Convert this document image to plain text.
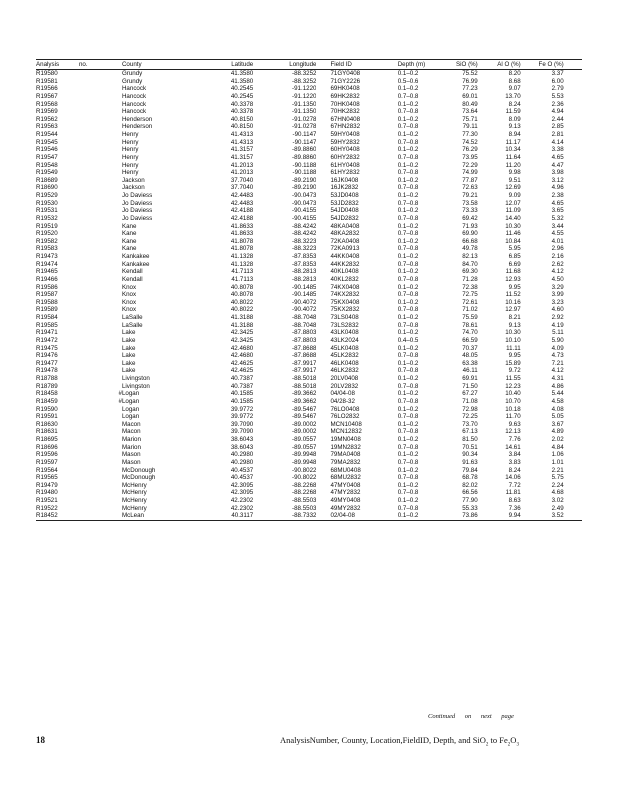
Analysis	no.	County	Latitude	Longitude	Field ID	Depth (m)	SiO (%)	Al O (%)	Fe O (%)	
R19580		Grundy	41.3580	-88.3252	71GY0408	0.1–0.2	75.52	8.20	3.37	
R19581		Grundy	41.3580	-88.3252	71GY2226	0.5–0.6	76.99	8.68	6.00	
R19566		Hancock	40.2545	-91.1220	69HK0408	0.1–0.2	77.23	9.07	2.79	
R19567		Hancock	40.2545	-91.1220	69HK2832	0.7–0.8	69.01	13.70	5.53	
R19568		Hancock	40.3378	-91.1350	70HK0408	0.1–0.2	80.49	8.24	2.36	
R19569		Hancock	40.3378	-91.1350	70HK2832	0.7–0.8	73.64	11.59	4.94	
R19562		Henderson	40.8150	-91.0278	67HN0408	0.1–0.2	75.71	8.09	2.44	
R19563		Henderson	40.8150	-91.0278	67HN2832	0.7–0.8	79.11	9.13	2.85	
R19544		Henry	41.4313	-90.1147	59HY0408	0.1–0.2	77.30	8.94	2.81	
R19545		Henry	41.4313	-90.1147	59HY2832	0.7–0.8	74.52	11.17	4.14	
R19546		Henry	41.3157	-89.8860	60HY0408	0.1–0.2	76.29	10.34	3.38	
R19547		Henry	41.3157	-89.8860	60HY2832	0.7–0.8	73.95	11.64	4.65	
R19548		Henry	41.2013	-90.1188	61HY0408	0.1–0.2	72.29	11.20	4.47	
R19549		Henry	41.2013	-90.1188	61HY2832	0.7–0.8	74.99	9.98	3.98	
R18689		Jackson	37.7040	-89.2190	16JK0408	0.1–0.2	77.87	9.51	3.12	
R18690		Jackson	37.7040	-89.2190	16JK2832	0.7–0.8	72.63	12.69	4.96	
R19529		Jo Daviess	42.4483	-90.0473	53JD0408	0.1–0.2	79.21	9.09	2.38	
R19530		Jo Daviess	42.4483	-90.0473	53JD2832	0.7–0.8	73.58	12.07	4.65	
R19531		Jo Daviess	42.4188	-90.4155	54JD0408	0.1–0.2	73.33	11.09	3.65	
R19532		Jo Daviess	42.4188	-90.4155	54JD2832	0.7–0.8	69.42	14.40	5.32	
R19519		Kane	41.8633	-88.4242	48KA0408	0.1–0.2	71.93	10.30	3.44	
R19520		Kane	41.8633	-88.4242	48KA2832	0.7–0.8	69.90	11.46	4.55	
R19582		Kane	41.8078	-88.3223	72KA0408	0.1–0.2	66.68	10.84	4.01	
R19583		Kane	41.8078	-88.3223	72KA0913	0.7–0.8	49.78	5.95	2.96	
R19473		Kankakee	41.1328	-87.8353	44KK0408	0.1–0.2	82.13	6.85	2.16	
R19474		Kankakee	41.1328	-87.8353	44KK2832	0.7–0.8	84.70	6.69	2.62	
R19465		Kendall	41.7113	-88.2813	40KL0408	0.1–0.2	69.30	11.68	4.12	
R19466		Kendall	41.7113	-88.2813	40KL2832	0.7–0.8	71.28	12.93	4.50	
R19586		Knox	40.8078	-90.1485	74KX0408	0.1–0.2	72.38	9.95	3.29	
R19587		Knox	40.8078	-90.1485	74KX2832	0.7–0.8	72.75	11.52	3.99	
R19588		Knox	40.8022	-90.4072	75KX0408	0.1–0.2	72.61	10.16	3.23	
R19589		Knox	40.8022	-90.4072	75KX2832	0.7–0.8	71.02	12.97	4.60	
R19584		LaSalle	41.3188	-88.7048	73LS0408	0.1–0.2	75.59	8.21	2.92	
R19585		LaSalle	41.3188	-88.7048	73LS2832	0.7–0.8	78.61	9.13	4.19	
R19471		Lake	42.3425	-87.8803	43LK0408	0.1–0.2	74.70	10.30	5.11	
R19472		Lake	42.3425	-87.8803	43LK2024	0.4–0.5	66.59	10.10	5.90	
R19475		Lake	42.4680	-87.8688	45LK0408	0.1–0.2	70.37	11.11	4.09	
R19476		Lake	42.4680	-87.8688	45LK2832	0.7–0.8	48.05	9.95	4.73	
R19477		Lake	42.4625	-87.9917	46LK0408	0.1–0.2	63.38	15.89	7.21	
R19478		Lake	42.4625	-87.9917	46LK2832	0.7–0.8	46.11	9.72	4.12	
R18788		Livingston	40.7387	-88.5018	20LV0408	0.1–0.2	69.91	11.55	4.31	
R18789		Livingston	40.7387	-88.5018	20LV2832	0.7–0.8	71.50	12.23	4.86	
R18458	#	Logan	40.1585	-89.3662	04/04-08	0.1–0.2	67.27	10.40	5.44	
R18459	#	Logan	40.1585	-89.3662	04/28-32	0.7–0.8	71.08	10.70	4.58	
R19590		Logan	39.9772	-89.5467	76LO0408	0.1–0.2	72.98	10.18	4.08	
R19591		Logan	39.9772	-89.5467	76LO2832	0.7–0.8	72.25	11.70	5.05	
R18630		Macon	39.7090	-89.0002	MCN10408	0.1–0.2	73.70	9.63	3.67	
R18631		Macon	39.7090	-89.0002	MCN12832	0.7–0.8	67.13	12.13	4.89	
R18695		Marion	38.6043	-89.0557	19MN0408	0.1–0.2	81.50	7.76	2.02	
R18696		Marion	38.6043	-89.0557	19MN2832	0.7–0.8	70.51	14.61	4.84	
R19596		Mason	40.2980	-89.9948	79MA0408	0.1–0.2	90.34	3.84	1.06	
R19597		Mason	40.2980	-89.9948	79MA2832	0.7–0.8	91.63	3.83	1.01	
R19564		McDonough	40.4537	-90.8022	68MU0408	0.1–0.2	79.84	8.24	2.21	
R19565		McDonough	40.4537	-90.8022	68MU2832	0.7–0.8	68.78	14.06	5.75	
R19479		McHenry	42.3095	-88.2268	47MY0408	0.1–0.2	82.02	7.72	2.24	
R19480		McHenry	42.3095	-88.2268	47MY2832	0.7–0.8	66.56	11.81	4.68	
R19521		McHenry	42.2302	-88.5503	49MY0408	0.1–0.2	77.90	8.63	3.02	
R19522		McHenry	42.2302	-88.5503	49MY2832	0.7–0.8	55.33	7.36	2.49	
R18452		McLean	40.3117	-88.7332	02/04-08	0.1–0.2	73.86	9.94	3.52	
Continued on next page
18	AnalysisNumber, County, Location,FieldID, Depth, and SiO$_2$ to $Fe_2O_3$
